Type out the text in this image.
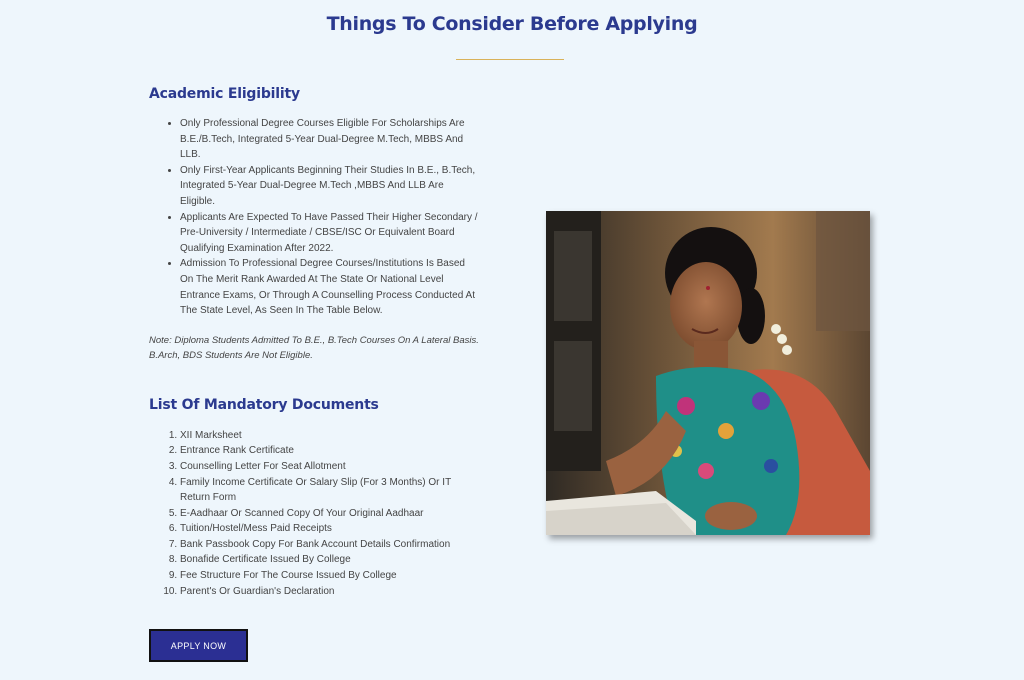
Things To Consider Before Applying
Academic Eligibility
• Only Professional Degree Courses Eligible For Scholarships Are B.E./B.Tech, Integrated 5-Year Dual-Degree M.Tech, MBBS And LLB.
• Only First-Year Applicants Beginning Their Studies In B.E., B.Tech, Integrated 5-Year Dual-Degree M.Tech ,MBBS And LLB Are Eligible.
• Applicants Are Expected To Have Passed Their Higher Secondary / Pre-University / Intermediate / CBSE/ISC Or Equivalent Board Qualifying Examination After 2022.
• Admission To Professional Degree Courses/Institutions Is Based On The Merit Rank Awarded At The State Or National Level Entrance Exams, Or Through A Counselling Process Conducted At The State Level, As Seen In The Table Below.

Note: Diploma Students Admitted To B.E., B.Tech Courses On A Lateral Basis. B.Arch, BDS Students Are Not Eligible.

List Of Mandatory Documents
1. XII Marksheet
2. Entrance Rank Certificate
3. Counselling Letter For Seat Allotment
4. Family Income Certificate Or Salary Slip (For 3 Months) Or IT Return Form
5. E-Aadhaar Or Scanned Copy Of Your Original Aadhaar
6. Tuition/Hostel/Mess Paid Receipts
7. Bank Passbook Copy For Bank Account Details Confirmation
8. Bonafide Certificate Issued By College
9. Fee Structure For The Course Issued By College
10. Parent's Or Guardian's Declaration
APPLY NOW
